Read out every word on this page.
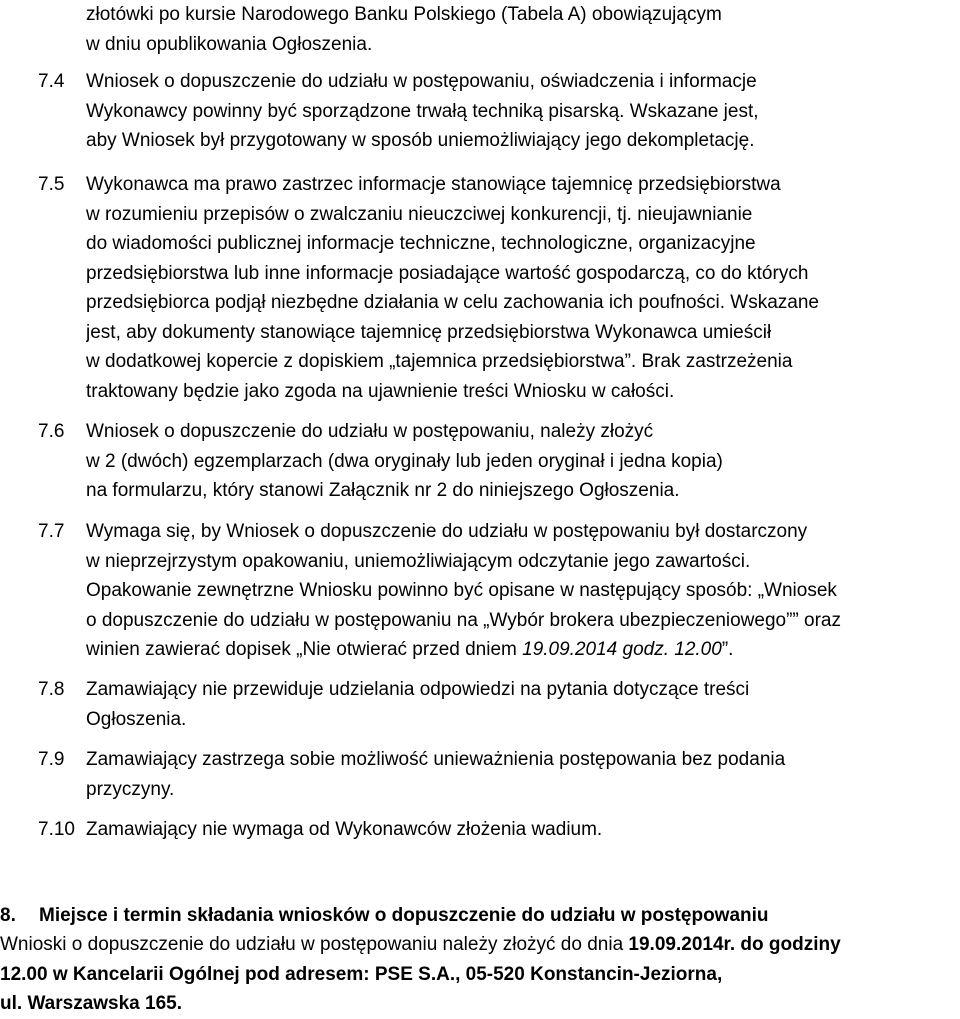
złotówki po kursie Narodowego Banku Polskiego (Tabela A) obowiązującym
w dniu opublikowania Ogłoszenia.
7.4 Wniosek o dopuszczenie do udziału w postępowaniu, oświadczenia i informacje
Wykonawcy powinny być sporządzone trwałą techniką pisarską. Wskazane jest,
aby Wniosek był przygotowany w sposób uniemożliwiający jego dekompletację.
7.5 Wykonawca ma prawo zastrzec informacje stanowiące tajemnicę przedsiębiorstwa
w rozumieniu przepisów o zwalczaniu nieuczciwej konkurencji, tj. nieujawnianie
do wiadomości publicznej informacje techniczne, technologiczne, organizacyjne
przedsiębiorstwa lub inne informacje posiadające wartość gospodarczą, co do których
przedsiębiorca podjął niezbędne działania w celu zachowania ich poufności. Wskazane
jest, aby dokumenty stanowiące tajemnicę przedsiębiorstwa Wykonawca umieścił
w dodatkowej kopercie z dopiskiem „tajemnica przedsiębiorstwa”. Brak zastrzeżenia
traktowany będzie jako zgoda na ujawnienie treści Wniosku w całości.
7.6 Wniosek o dopuszczenie do udziału w postępowaniu, należy złożyć
w 2 (dwóch) egzemplarzach (dwa oryginały lub jeden oryginał i jedna kopia)
na formularzu, który stanowi Załącznik nr 2 do niniejszego Ogłoszenia.
7.7 Wymaga się, by Wniosek o dopuszczenie do udziału w postępowaniu był dostarczony
w nieprzejrzystym opakowaniu, uniemożliwiającym odczytanie jego zawartości.
Opakowanie zewnętrzne Wniosku powinno być opisane w następujący sposób: „Wniosek
o dopuszczenie do udziału w postępowaniu na „Wybór brokera ubezpieczeniowego”” oraz
winien zawierać dopisek „Nie otwierać przed dniem 19.09.2014 godz. 12.00”.
7.8 Zamawiający nie przewiduje udzielania odpowiedzi na pytania dotyczące treści
Ogłoszenia.
7.9 Zamawiający zastrzega sobie możliwość unieważnienia postępowania bez podania
przyczyny.
7.10 Zamawiający nie wymaga od Wykonawców złożenia wadium.
8. Miejsce i termin składania wniosków o dopuszczenie do udziału w postępowaniu
Wnioski o dopuszczenie do udziału w postępowaniu należy złożyć do dnia 19.09.2014r. do godziny
12.00 w Kancelarii Ogólnej pod adresem: PSE S.A., 05-520 Konstancin-Jeziorna,
ul. Warszawska 165.
